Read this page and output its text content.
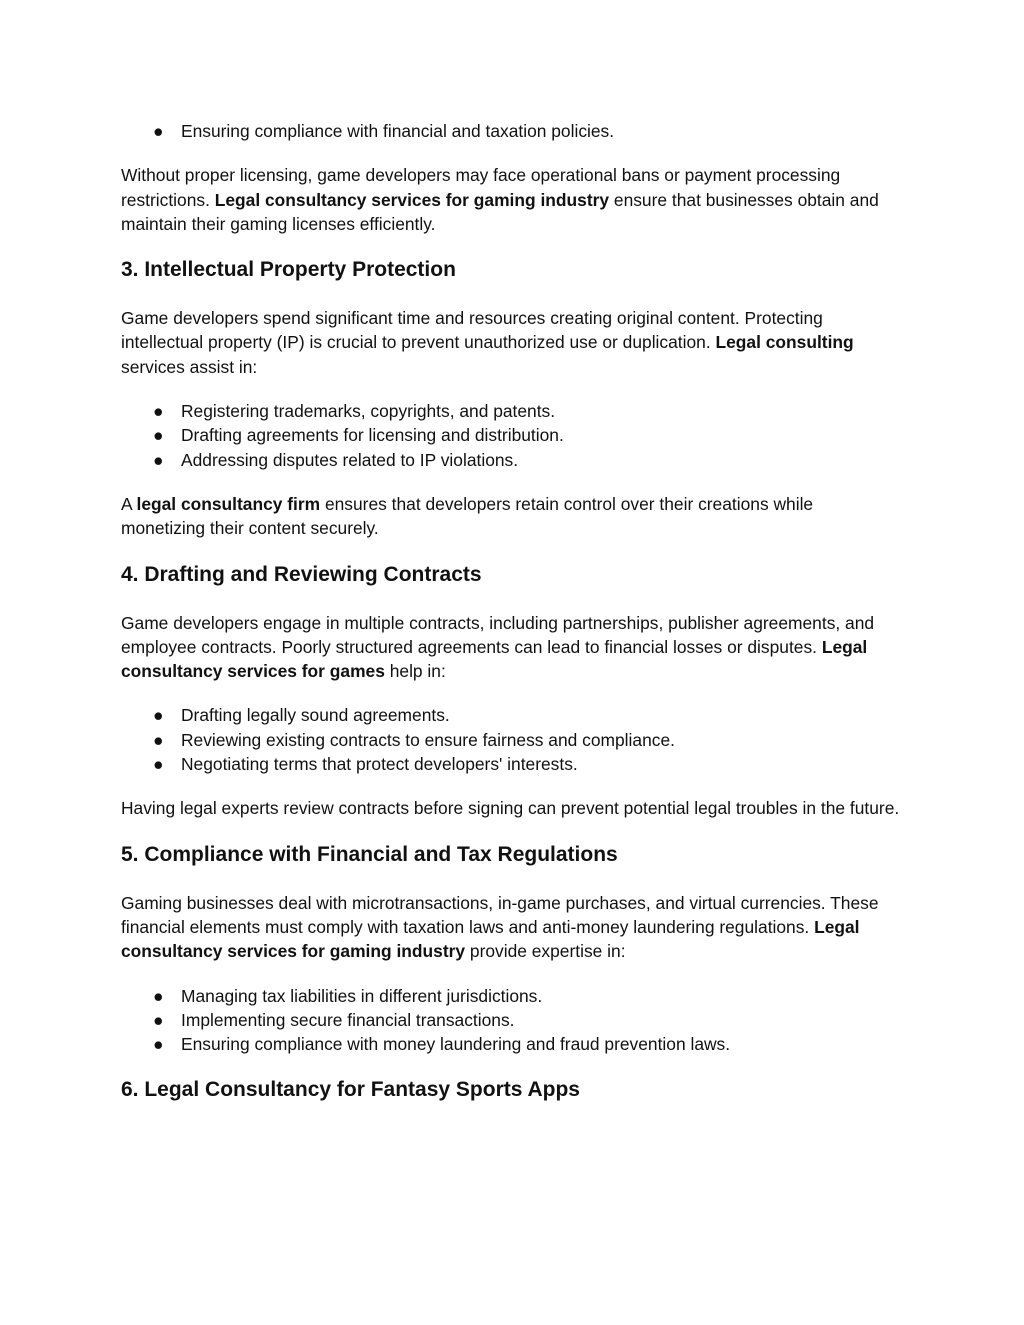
● Ensuring compliance with financial and taxation policies.

Without proper licensing, game developers may face operational bans or payment processing restrictions. Legal consultancy services for gaming industry ensure that businesses obtain and maintain their gaming licenses efficiently.

3. Intellectual Property Protection

Game developers spend significant time and resources creating original content. Protecting intellectual property (IP) is crucial to prevent unauthorized use or duplication. Legal consulting services assist in:

● Registering trademarks, copyrights, and patents.
● Drafting agreements for licensing and distribution.
● Addressing disputes related to IP violations.

A legal consultancy firm ensures that developers retain control over their creations while monetizing their content securely.

4. Drafting and Reviewing Contracts

Game developers engage in multiple contracts, including partnerships, publisher agreements, and employee contracts. Poorly structured agreements can lead to financial losses or disputes. Legal consultancy services for games help in:

● Drafting legally sound agreements.
● Reviewing existing contracts to ensure fairness and compliance.
● Negotiating terms that protect developers' interests.

Having legal experts review contracts before signing can prevent potential legal troubles in the future.

5. Compliance with Financial and Tax Regulations

Gaming businesses deal with microtransactions, in-game purchases, and virtual currencies. These financial elements must comply with taxation laws and anti-money laundering regulations. Legal consultancy services for gaming industry provide expertise in:

● Managing tax liabilities in different jurisdictions.
● Implementing secure financial transactions.
● Ensuring compliance with money laundering and fraud prevention laws.
6. Legal Consultancy for Fantasy Sports Apps
